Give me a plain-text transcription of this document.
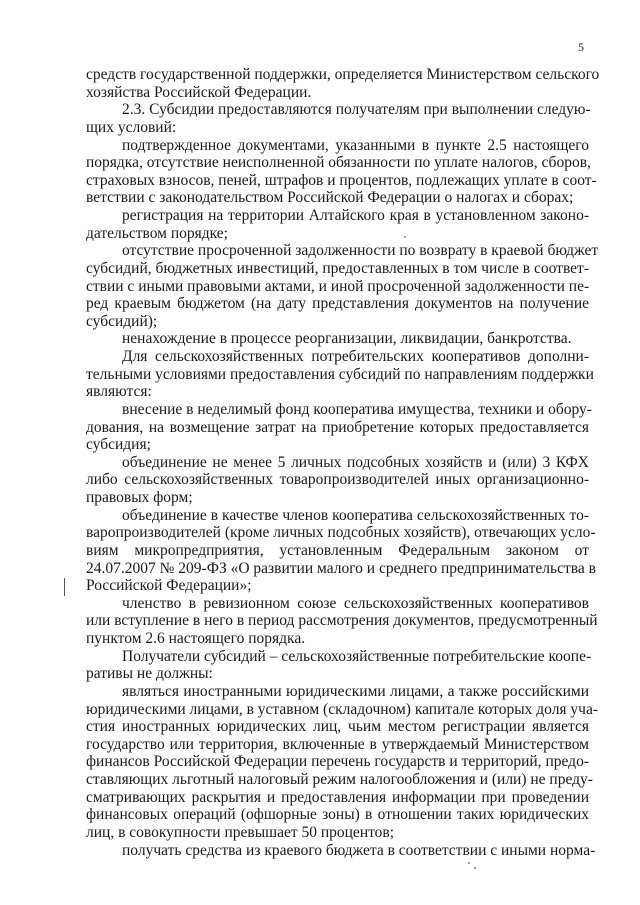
5
средств государственной поддержки, определяется Министерством сельского
хозяйства Российской Федерации.
2.3. Субсидии предоставляются получателям при выполнении следую-
щих условий:
подтвержденное документами, указанными в пункте 2.5 настоящего
порядка, отсутствие неисполненной обязанности по уплате налогов, сборов,
страховых взносов, пеней, штрафов и процентов, подлежащих уплате в соот-
ветствии с законодательством Российской Федерации о налогах и сборах;
регистрация на территории Алтайского края в установленном законо-
дательством порядке;
отсутствие просроченной задолженности по возврату в краевой бюджет
субсидий, бюджетных инвестиций, предоставленных в том числе в соответ-
ствии с иными правовыми актами, и иной просроченной задолженности пе-
ред краевым бюджетом (на дату представления документов на получение
субсидий);
ненахождение в процессе реорганизации, ликвидации, банкротства.
Для сельскохозяйственных потребительских кооперативов дополни-
тельными условиями предоставления субсидий по направлениям поддержки
являются:
внесение в неделимый фонд кооператива имущества, техники и обору-
дования, на возмещение затрат на приобретение которых предоставляется
субсидия;
объединение не менее 5 личных подсобных хозяйств и (или) 3 КФХ
либо сельскохозяйственных товаропроизводителей иных организационно-
правовых форм;
объединение в качестве членов кооператива сельскохозяйственных то-
варопроизводителей (кроме личных подсобных хозяйств), отвечающих усло-
виям микропредприятия, установленным Федеральным законом от
24.07.2007 № 209-ФЗ «О развитии малого и среднего предпринимательства в
Российской Федерации»;
членство в ревизионном союзе сельскохозяйственных кооперативов
или вступление в него в период рассмотрения документов, предусмотренный
пунктом 2.6 настоящего порядка.
Получатели субсидий – сельскохозяйственные потребительские коопе-
ративы не должны:
являться иностранными юридическими лицами, а также российскими
юридическими лицами, в уставном (складочном) капитале которых доля уча-
стия иностранных юридических лиц, чьим местом регистрации является
государство или территория, включенные в утверждаемый Министерством
финансов Российской Федерации перечень государств и территорий, предо-
ставляющих льготный налоговый режим налогообложения и (или) не преду-
сматривающих раскрытия и предоставления информации при проведении
финансовых операций (офшорные зоны) в отношении таких юридических
лиц, в совокупности превышает 50 процентов;
получать средства из краевого бюджета в соответствии с иными норма-
